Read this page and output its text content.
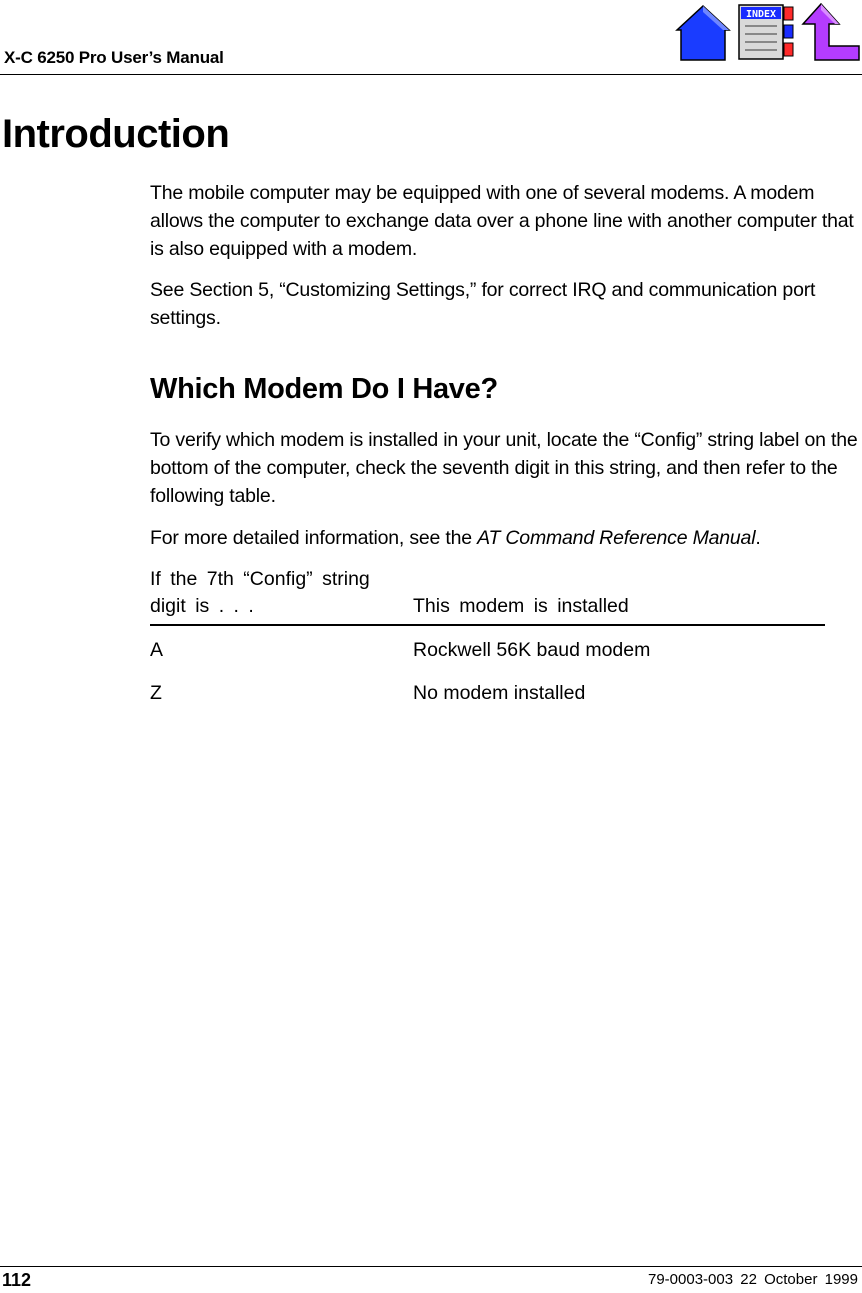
X-C 6250 Pro User’s Manual
INDEX
Introduction

The mobile computer may be equipped with one of several modems. A modem allows the computer to exchange data over a phone line with another computer that is also equipped with a modem.

See Section 5, “Customizing Settings,” for correct IRQ and communication port settings.

Which Modem Do I Have?

To verify which modem is installed in your unit, locate the “Config” string label on the bottom of the computer, check the seventh digit in this string, and then refer to the following table.

For more detailed information, see the AT Command Reference Manual.

If the 7th “Config” string digit is . . .	This modem is installed
A	Rockwell 56K baud modem
Z	No modem installed
112	79-0003-003 22 October 1999
